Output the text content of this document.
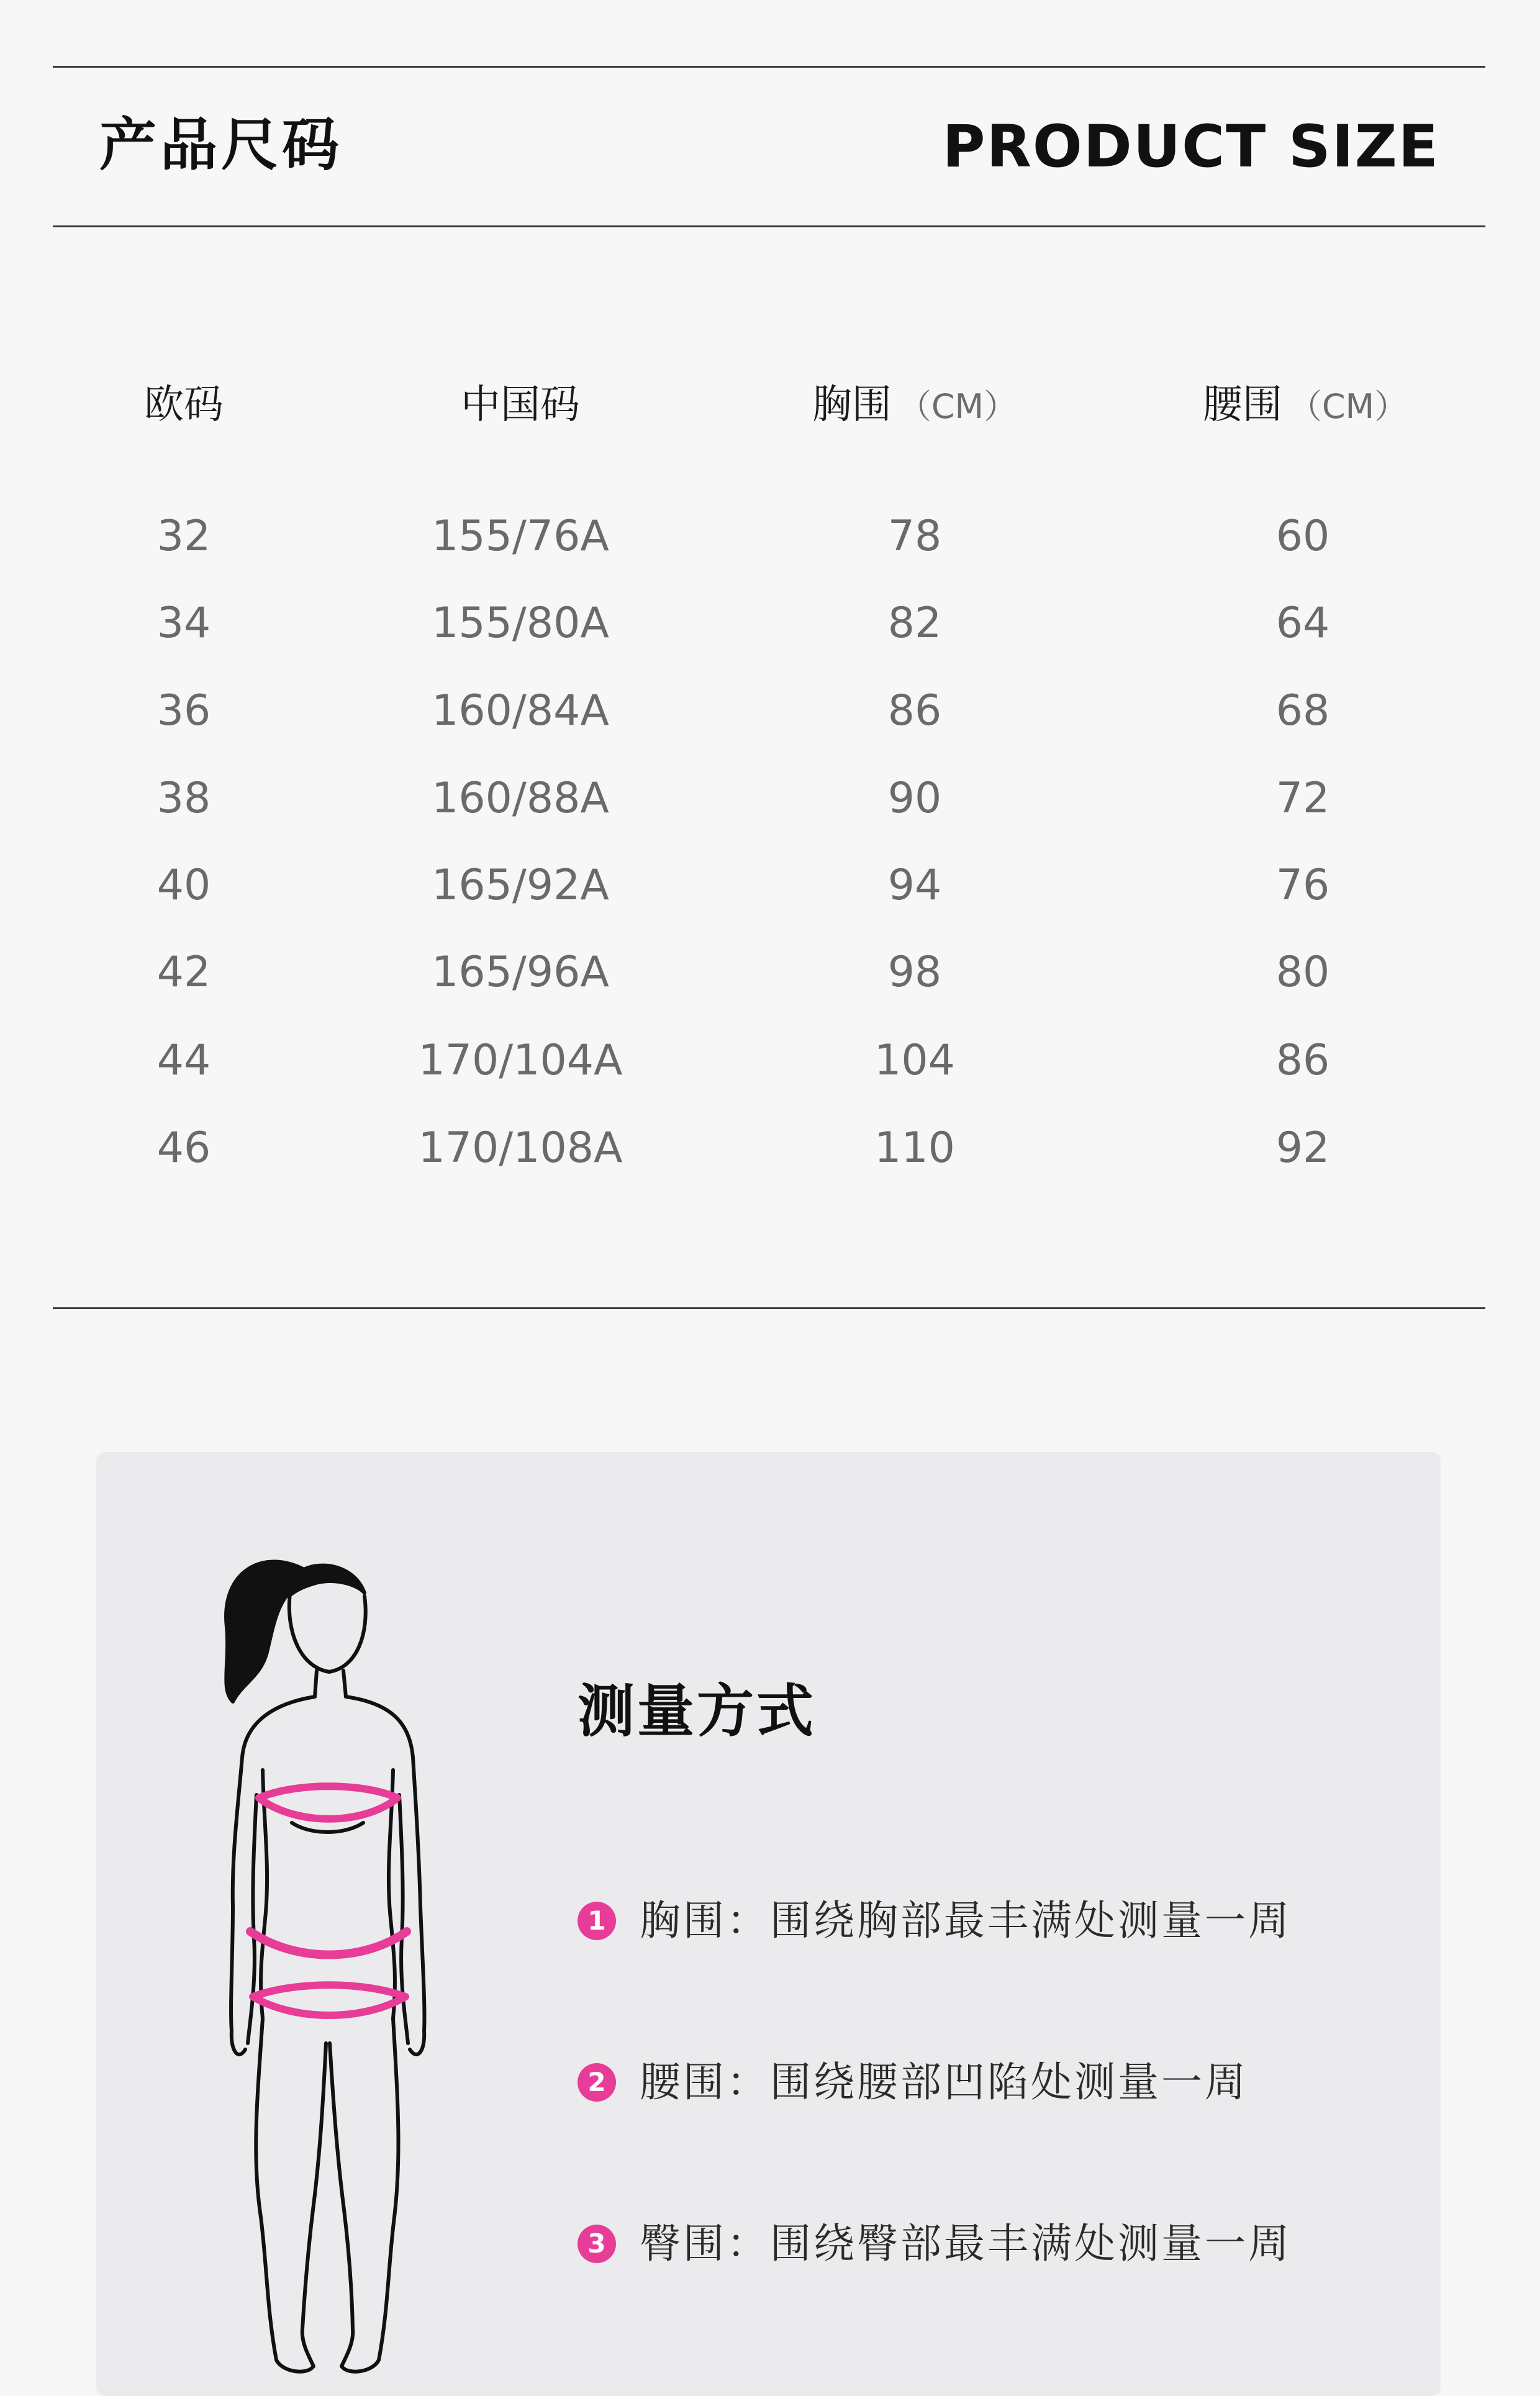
产品尺码	PRODUCT SIZE
欧码	中国码	胸围 （CM）	腰围 （CM）
32	155/76A	78	60
34	155/80A	82	64
36	160/84A	86	68
38	160/88A	90	72
40	165/92A	94	76
42	165/96A	98	80
44	170/104A	104	86
46	170/108A	110	92
测量方式
1 胸围：围绕胸部最丰满处测量一周
2 腰围：围绕腰部凹陷处测量一周
3 臀围：围绕臀部最丰满处测量一周
